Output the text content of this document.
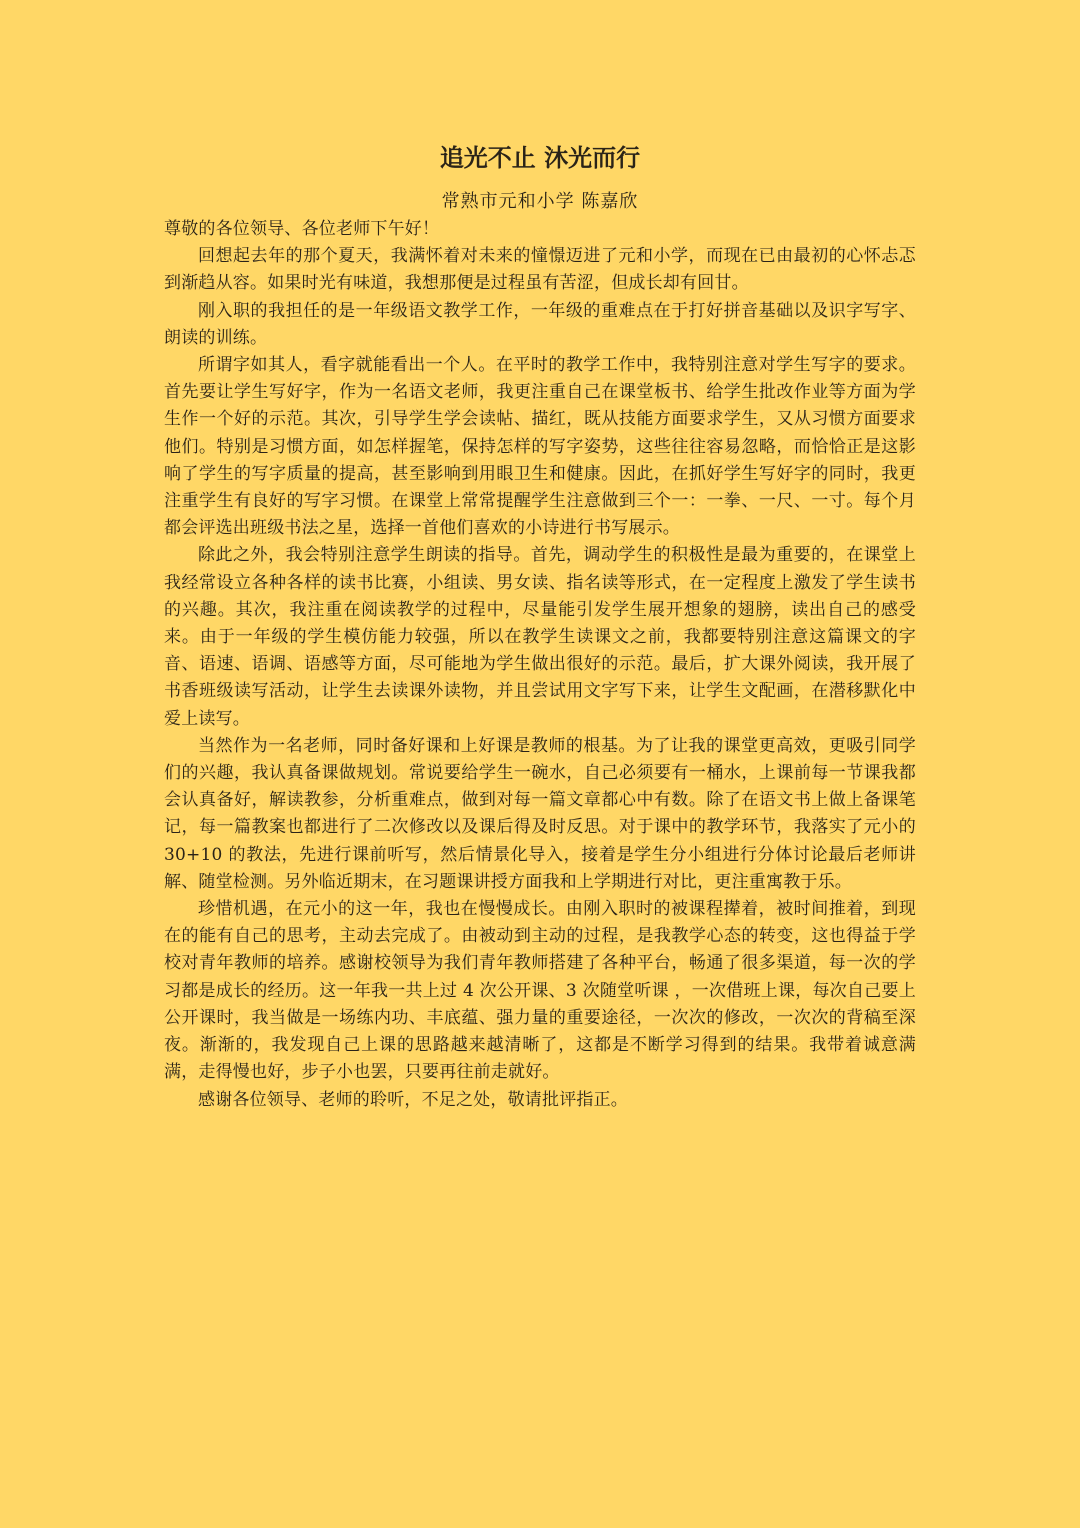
追光不止 沐光而行
常熟市元和小学 陈嘉欣

尊敬的各位领导、各位老师下午好！

回想起去年的那个夏天，我满怀着对未来的憧憬迈进了元和小学，而现在已由最初的心怀忐忑到渐趋从容。如果时光有味道，我想那便是过程虽有苦涩，但成长却有回甘。

刚入职的我担任的是一年级语文教学工作，一年级的重难点在于打好拼音基础以及识字写字、朗读的训练。

所谓字如其人，看字就能看出一个人。在平时的教学工作中，我特别注意对学生写字的要求。首先要让学生写好字，作为一名语文老师，我更注重自己在课堂板书、给学生批改作业等方面为学生作一个好的示范。其次，引导学生学会读帖、描红，既从技能方面要求学生，又从习惯方面要求他们。特别是习惯方面，如怎样握笔，保持怎样的写字姿势，这些往往容易忽略，而恰恰正是这影响了学生的写字质量的提高，甚至影响到用眼卫生和健康。因此，在抓好学生写好字的同时，我更注重学生有良好的写字习惯。在课堂上常常提醒学生注意做到三个一：一拳、一尺、一寸。每个月都会评选出班级书法之星，选择一首他们喜欢的小诗进行书写展示。

除此之外，我会特别注意学生朗读的指导。首先，调动学生的积极性是最为重要的，在课堂上我经常设立各种各样的读书比赛，小组读、男女读、指名读等形式，在一定程度上激发了学生读书的兴趣。其次，我注重在阅读教学的过程中，尽量能引发学生展开想象的翅膀，读出自己的感受来。由于一年级的学生模仿能力较强，所以在教学生读课文之前，我都要特别注意这篇课文的字音、语速、语调、语感等方面，尽可能地为学生做出很好的示范。最后，扩大课外阅读，我开展了书香班级读写活动，让学生去读课外读物，并且尝试用文字写下来，让学生文配画，在潜移默化中爱上读写。

当然作为一名老师，同时备好课和上好课是教师的根基。为了让我的课堂更高效，更吸引同学们的兴趣，我认真备课做规划。常说要给学生一碗水，自己必须要有一桶水，上课前每一节课我都会认真备好，解读教参，分析重难点，做到对每一篇文章都心中有数。除了在语文书上做上备课笔记，每一篇教案也都进行了二次修改以及课后得及时反思。对于课中的教学环节，我落实了元小的 30+10 的教法，先进行课前听写，然后情景化导入，接着是学生分小组进行分体讨论最后老师讲解、随堂检测。另外临近期末，在习题课讲授方面我和上学期进行对比，更注重寓教于乐。

珍惜机遇，在元小的这一年，我也在慢慢成长。由刚入职时的被课程撵着，被时间推着，到现在的能有自己的思考，主动去完成了。由被动到主动的过程，是我教学心态的转变，这也得益于学校对青年教师的培养。感谢校领导为我们青年教师搭建了各种平台，畅通了很多渠道，每一次的学习都是成长的经历。这一年我一共上过 4 次公开课、3 次随堂听课 ，一次借班上课，每次自己要上公开课时，我当做是一场练内功、丰底蕴、强力量的重要途径，一次次的修改，一次次的背稿至深夜。渐渐的，我发现自己上课的思路越来越清晰了，这都是不断学习得到的结果。我带着诚意满满，走得慢也好，步子小也罢，只要再往前走就好。

感谢各位领导、老师的聆听，不足之处，敬请批评指正。
